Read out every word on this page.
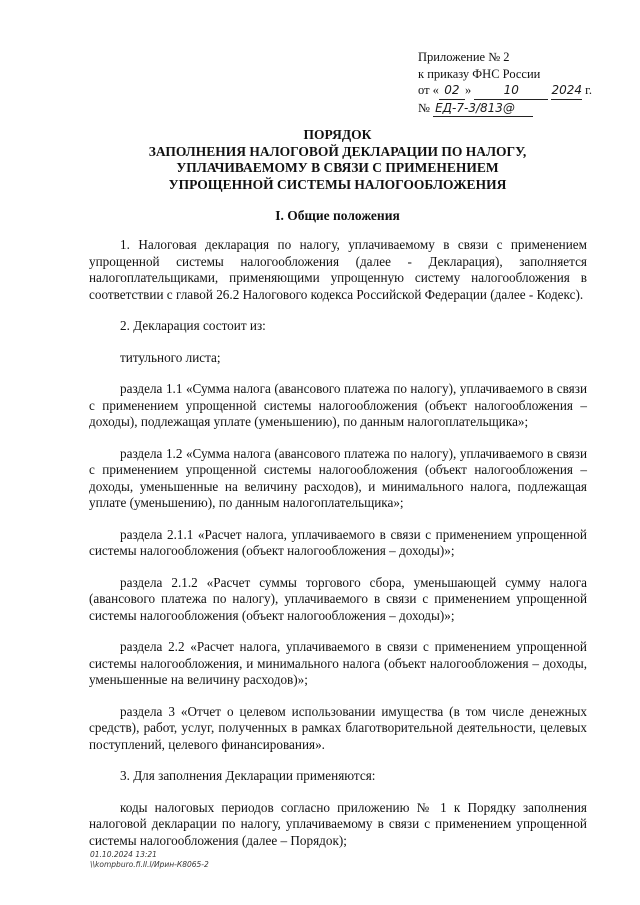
Приложение № 2
к приказу ФНС России
от « 02 »	10	2024 г.
№ ЕД-7-3/813@
ПОРЯДОК
ЗАПОЛНЕНИЯ НАЛОГОВОЙ ДЕКЛАРАЦИИ ПО НАЛОГУ,
УПЛАЧИВАЕМОМУ В СВЯЗИ С ПРИМЕНЕНИЕМ
УПРОЩЕННОЙ СИСТЕМЫ НАЛОГООБЛОЖЕНИЯ
I. Общие положения

1. Налоговая декларация по налогу, уплачиваемому в связи с применением упрощенной системы налогообложения (далее - Декларация), заполняется налогоплательщиками, применяющими упрощенную систему налогообложения в соответствии с главой 26.2 Налогового кодекса Российской Федерации (далее - Кодекс).

2. Декларация состоит из:

титульного листа;

раздела 1.1 «Сумма налога (авансового платежа по налогу), уплачиваемого в связи с применением упрощенной системы налогообложения (объект налогообложения – доходы), подлежащая уплате (уменьшению), по данным налогоплательщика»;

раздела 1.2 «Сумма налога (авансового платежа по налогу), уплачиваемого в связи с применением упрощенной системы налогообложения (объект налогообложения – доходы, уменьшенные на величину расходов), и минимального налога, подлежащая уплате (уменьшению), по данным налогоплательщика»;

раздела 2.1.1 «Расчет налога, уплачиваемого в связи с применением упрощенной системы налогообложения (объект налогообложения – доходы)»;

раздела 2.1.2 «Расчет суммы торгового сбора, уменьшающей сумму налога (авансового платежа по налогу), уплачиваемого в связи с применением упрощенной системы налогообложения (объект налогообложения – доходы)»;

раздела 2.2 «Расчет налога, уплачиваемого в связи с применением упрощенной системы налогообложения, и минимального налога (объект налогообложения – доходы, уменьшенные на величину расходов)»;

раздела 3 «Отчет о целевом использовании имущества (в том числе денежных средств), работ, услуг, полученных в рамках благотворительной деятельности, целевых поступлений, целевого финансирования».

3. Для заполнения Декларации применяются:

коды налоговых периодов согласно приложению № 1 к Порядку заполнения налоговой декларации по налогу, уплачиваемому в связи с применением упрощенной системы налогообложения (далее – Порядок);

01.10.2024 13:21
\\kompburo.fi.ll.l/Ирин-К8065-2
